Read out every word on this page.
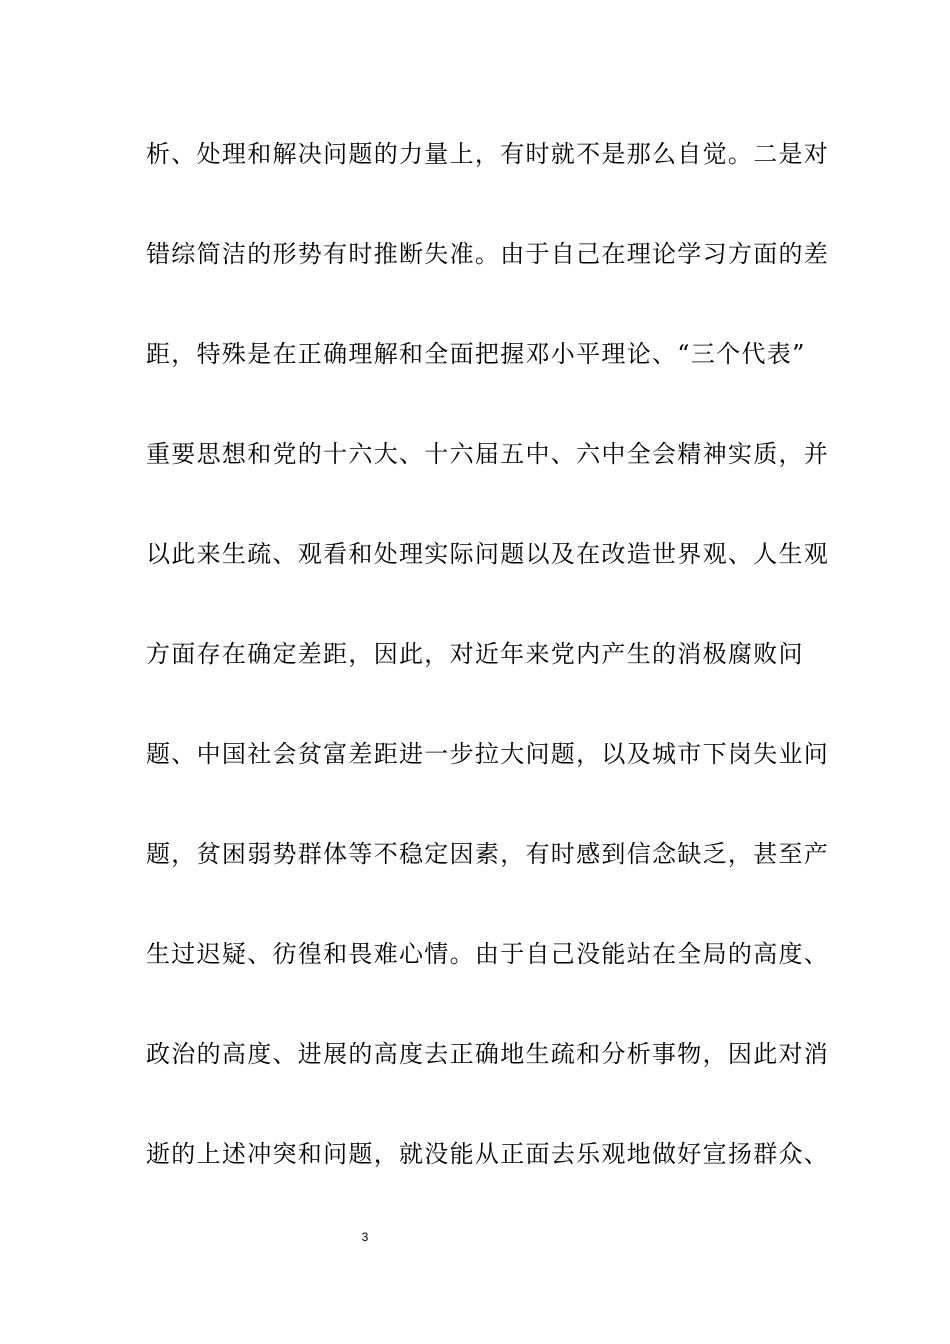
析、处理和解决问题的力量上，有时就不是那么自觉。二是对
错综简洁的形势有时推断失准。由于自己在理论学习方面的差
距，特殊是在正确理解和全面把握邓小平理论、“三个代表”
重要思想和党的十六大、十六届五中、六中全会精神实质，并
以此来生疏、观看和处理实际问题以及在改造世界观、人生观
方面存在确定差距，因此，对近年来党内产生的消极腐败问
题、中国社会贫富差距进一步拉大问题，以及城市下岗失业问
题，贫困弱势群体等不稳定因素，有时感到信念缺乏，甚至产
生过迟疑、彷徨和畏难心情。由于自己没能站在全局的高度、
政治的高度、进展的高度去正确地生疏和分析事物，因此对消
逝的上述冲突和问题，就没能从正面去乐观地做好宣扬群众、
3
